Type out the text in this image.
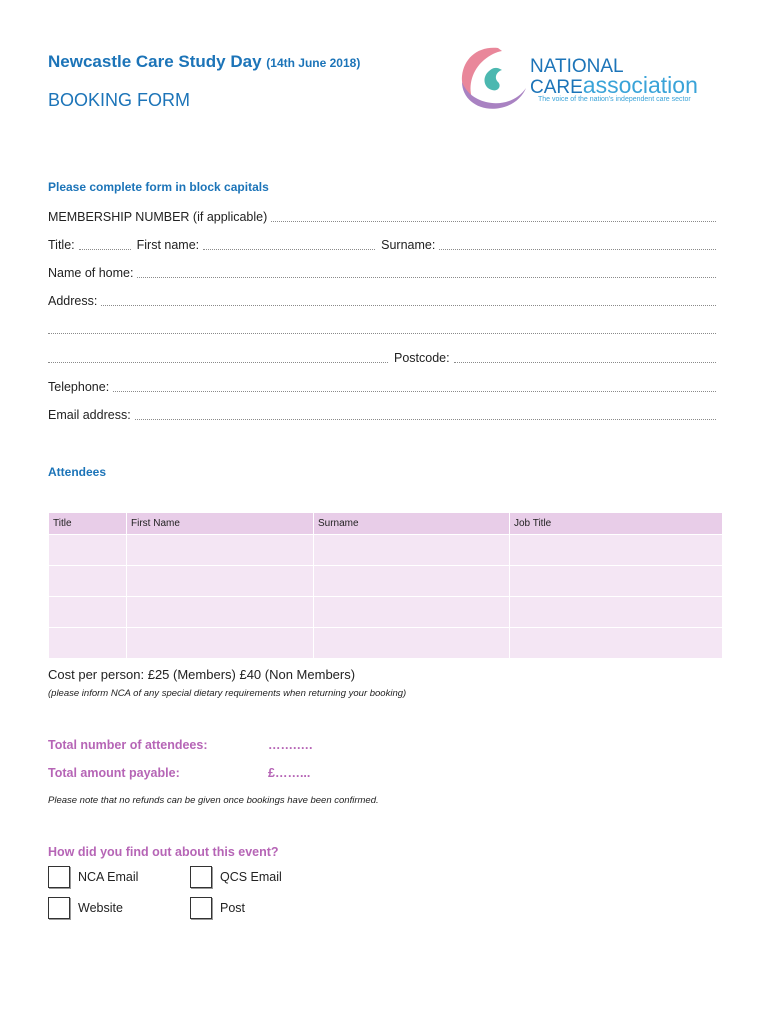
Newcastle Care Study Day (14th June 2018)
BOOKING FORM
NATIONAL
CAREassociation
The voice of the nation's independent care sector
Please complete form in block capitals
MEMBERSHIP NUMBER (if applicable)
Title:	First name:	Surname:
Name of home:
Address:
Postcode:
Telephone:
Email address:
Attendees
Title	First Name	Surname	Job Title

Cost per person: £25 (Members) £40 (Non Members)
(please inform NCA of any special dietary requirements when returning your booking)
Total number of attendees:	…….….
Total amount payable:	£……...
Please note that no refunds can be given once bookings have been confirmed.
How did you find out about this event?
NCA Email	QCS Email
Website	Post
